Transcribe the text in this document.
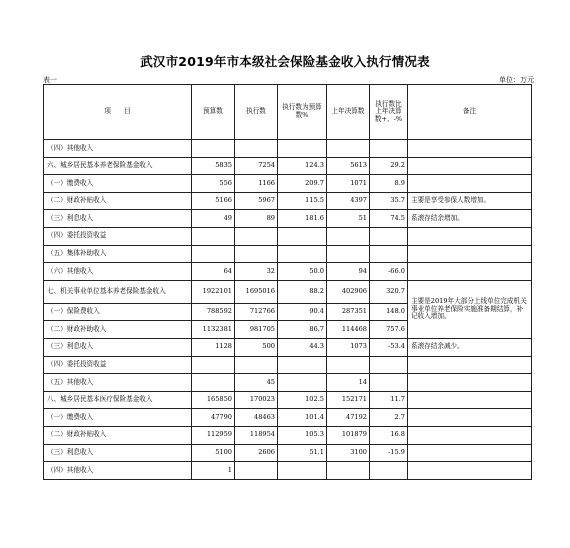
武汉市2019年市本级社会保险基金收入执行情况表
表一	单位：万元
项　　目	预算数	执行数	执行数为预算数%	上年决算数	执行数比上年决算数+、-%	备注
（四）其他收入						
六、城乡居民基本养老保险基金收入	5835	7254	124.3	5613	29.2	
（一）缴费收入	556	1166	209.7	1071	8.9	
（二）财政补贴收入	5166	5967	115.5	4397	35.7	主要是享受参保人数增加。
（三）利息收入	49	89	181.6	51	74.5	系滚存结余增加。
（四）委托投资收益						
（五）集体补助收入						
（六）其他收入	64	32	50.0	94	-66.0	
七、机关事业单位基本养老保险基金收入	1922101	1695016	88.2	402906	320.7	主要是2019年大部分上线单位完成机关事业单位养老保险实施准备期结算，补记收入增加。
（一）保险费收入	788592	712766	90.4	287351	148.0	
（二）财政补助收入	1132381	981705	86.7	114468	757.6	
（三）利息收入	1128	500	44.3	1073	-53.4	系滚存结余减少。
（四）委托投资收益						
（五）其他收入		45		14		
八、城乡居民基本医疗保险基金收入	165850	170023	102.5	152171	11.7	
（一）缴费收入	47790	48463	101.4	47192	2.7	
（二）财政补贴收入	112959	118954	105.3	101879	16.8	
（三）利息收入	5100	2606	51.1	3100	-15.9	
（四）其他收入	1					
